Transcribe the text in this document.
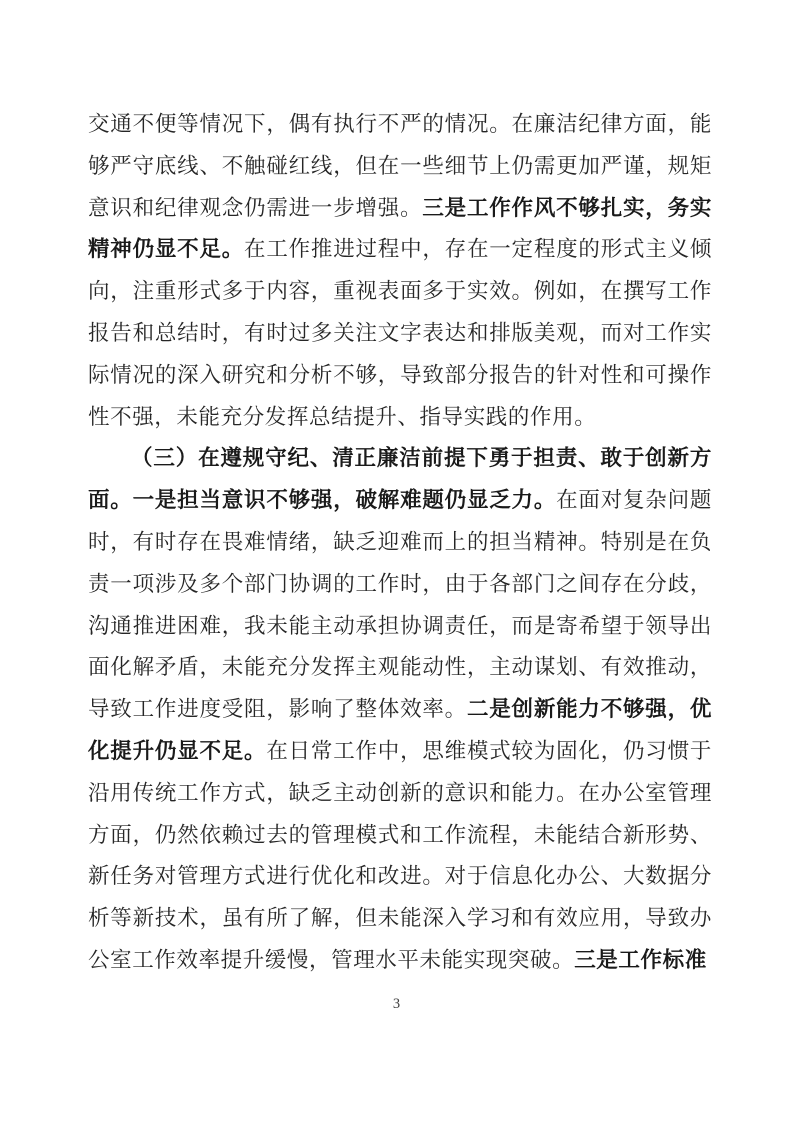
交通不便等情况下，偶有执行不严的情况。在廉洁纪律方面，能够严守底线、不触碰红线，但在一些细节上仍需更加严谨，规矩意识和纪律观念仍需进一步增强。三是工作作风不够扎实，务实精神仍显不足。在工作推进过程中，存在一定程度的形式主义倾向，注重形式多于内容，重视表面多于实效。例如，在撰写工作报告和总结时，有时过多关注文字表达和排版美观，而对工作实际情况的深入研究和分析不够，导致部分报告的针对性和可操作性不强，未能充分发挥总结提升、指导实践的作用。

（三）在遵规守纪、清正廉洁前提下勇于担责、敢于创新方面。一是担当意识不够强，破解难题仍显乏力。在面对复杂问题时，有时存在畏难情绪，缺乏迎难而上的担当精神。特别是在负责一项涉及多个部门协调的工作时，由于各部门之间存在分歧，沟通推进困难，我未能主动承担协调责任，而是寄希望于领导出面化解矛盾，未能充分发挥主观能动性，主动谋划、有效推动，导致工作进度受阻，影响了整体效率。二是创新能力不够强，优化提升仍显不足。在日常工作中，思维模式较为固化，仍习惯于沿用传统工作方式，缺乏主动创新的意识和能力。在办公室管理方面，仍然依赖过去的管理模式和工作流程，未能结合新形势、新任务对管理方式进行优化和改进。对于信息化办公、大数据分析等新技术，虽有所了解，但未能深入学习和有效应用，导致办公室工作效率提升缓慢，管理水平未能实现突破。三是工作标准

3
